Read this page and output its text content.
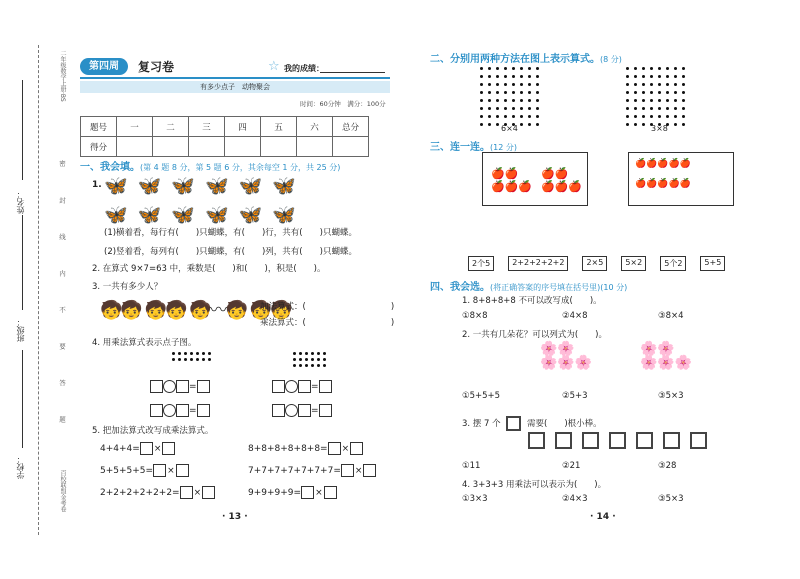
姓名：
班级：
学校：
二年级数学上册·BS
密 封 线 内 不 要 答 题
百校联盟金考卷
第四周	复习卷	☆ 我的成绩：
有多少点子　动物聚会
时间：60分钟　满分：100分
题号	一	二	三	四	五	六	总分
得分							
一、我会填。(第 4 题 8 分，第 5 题 6 分，其余每空 1 分，共 25 分)
1. 🦋 🦋 🦋 🦋 🦋 🦋
🦋 🦋 🦋 🦋 🦋 🦋
(1)横着看，每行有(　　)只蝴蝶，有(　　)行，共有(　　)只蝴蝶。
(2)竖着看，每列有(　　)只蝴蝶，有(　　)列，共有(　　)只蝴蝶。
2. 在算式 9×7=63 中，乘数是(　　)和(　　)，积是(　　)。
3. 一共有多少人？
🧒🧒 🧒🧒 🧒〰🧒 🧒🧒
加法算式：(　　　　　　　　　　)
乘法算式：(　　　　　　　　　　)
4. 用乘法算式表示点子图。
=
=
=
=
5. 把加法算式改写成乘法算式。
4+4+4= ×
5+5+5+5= ×
2+2+2+2+2+2= ×
8+8+8+8+8+8= ×
7+7+7+7+7+7+7= ×
9+9+9+9= ×
· 13 ·
二、分别用两种方法在图上表示算式。(8 分)
6×4	3×8
三、连一连。(12 分)
🍎🍎
🍎🍎🍎
🍎🍎
🍎🍎🍎
🍎🍎🍎🍎🍎
🍎🍎🍎🍎🍎
2个5	2+2+2+2+2	2×5	5×2	5个2	5+5
四、我会选。(将正确答案的序号填在括号里)(10 分)
1. 8+8+8+8 不可以改写成(　　)。
①8×8	②4×8	③8×4
2. 一共有几朵花？可以列式为(　　)。
🌸🌸
🌸🌸🌸
🌸🌸
🌸🌸🌸
①5+5+5	②5+3	③5×3
3. 摆 7 个	需要(　　)根小棒。
①11	②21	③28
4. 3+3+3 用乘法可以表示为(　　)。
①3×3	②4×3	③5×3
· 14 ·
